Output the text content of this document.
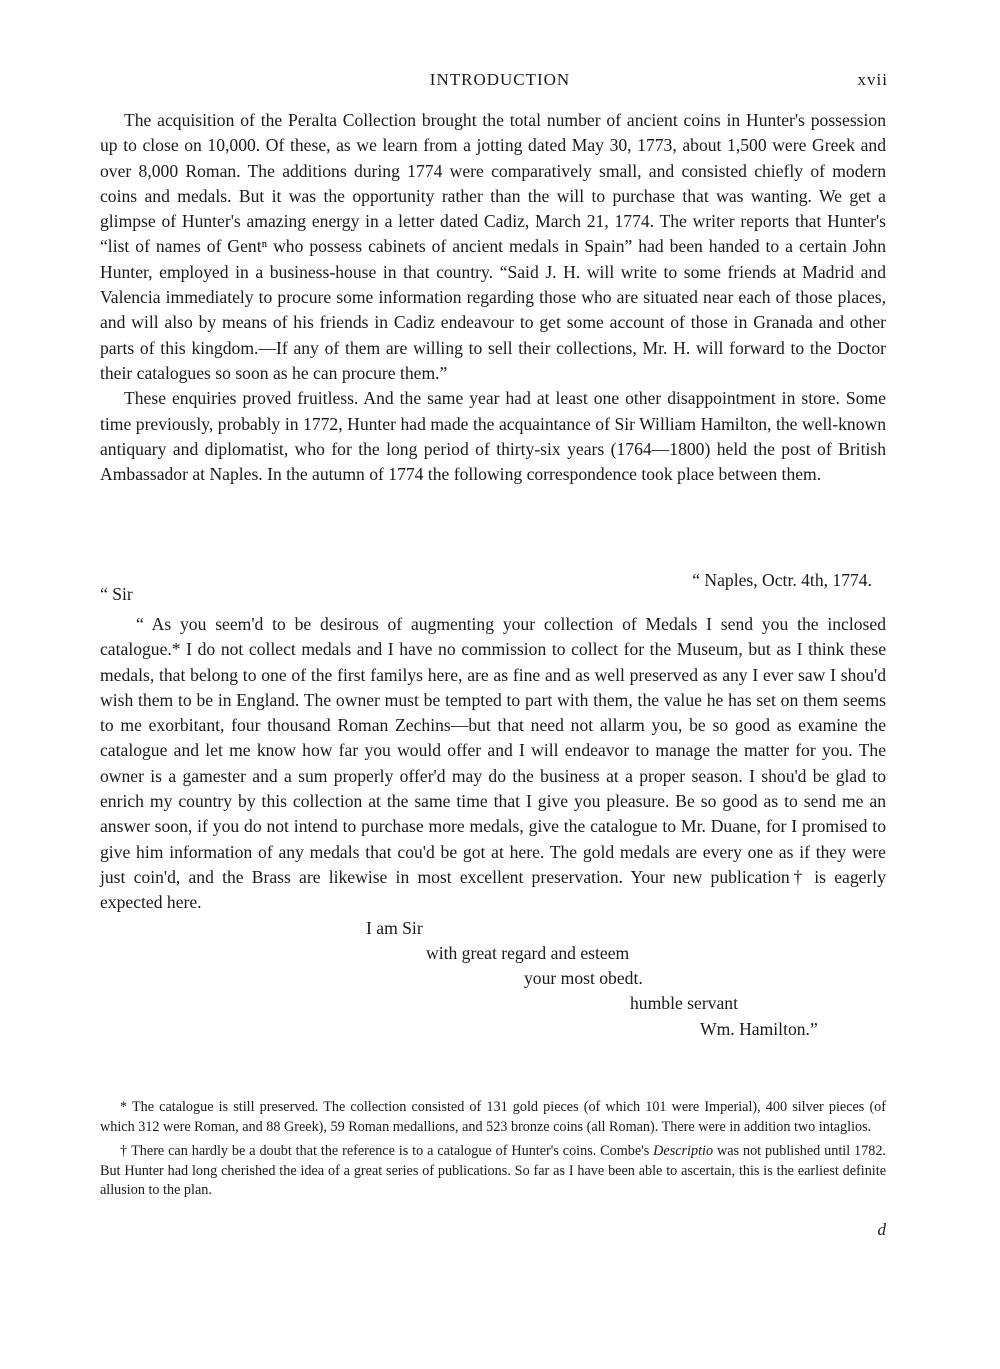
INTRODUCTION	xvii

The acquisition of the Peralta Collection brought the total number of ancient coins in Hunter's possession up to close on 10,000. Of these, as we learn from a jotting dated May 30, 1773, about 1,500 were Greek and over 8,000 Roman. The additions during 1774 were comparatively small, and consisted chiefly of modern coins and medals. But it was the opportunity rather than the will to purchase that was wanting. We get a glimpse of Hunter's amazing energy in a letter dated Cadiz, March 21, 1774. The writer reports that Hunter's “list of names of Gentⁿ who possess cabinets of ancient medals in Spain” had been handed to a certain John Hunter, employed in a business-house in that country. “Said J. H. will write to some friends at Madrid and Valencia immediately to procure some information regarding those who are situated near each of those places, and will also by means of his friends in Cadiz endeavour to get some account of those in Granada and other parts of this kingdom.—If any of them are willing to sell their collections, Mr. H. will forward to the Doctor their catalogues so soon as he can procure them.”

These enquiries proved fruitless. And the same year had at least one other disappointment in store. Some time previously, probably in 1772, Hunter had made the acquaintance of Sir William Hamilton, the well-known antiquary and diplomatist, who for the long period of thirty-six years (1764—1800) held the post of British Ambassador at Naples. In the autumn of 1774 the following correspondence took place between them.

“ Sir
“ Naples, Octr. 4th, 1774.

“ As you seem'd to be desirous of augmenting your collection of Medals I send you the inclosed catalogue.* I do not collect medals and I have no commission to collect for the Museum, but as I think these medals, that belong to one of the first familys here, are as fine and as well preserved as any I ever saw I shou'd wish them to be in England. The owner must be tempted to part with them, the value he has set on them seems to me exorbitant, four thousand Roman Zechins—but that need not allarm you, be so good as examine the catalogue and let me know how far you would offer and I will endeavor to manage the matter for you. The owner is a gamester and a sum properly offer'd may do the business at a proper season. I shou'd be glad to enrich my country by this collection at the same time that I give you pleasure. Be so good as to send me an answer soon, if you do not intend to purchase more medals, give the catalogue to Mr. Duane, for I promised to give him information of any medals that cou'd be got at here. The gold medals are every one as if they were just coin'd, and the Brass are likewise in most excellent preservation. Your new publication† is eagerly expected here.

I am Sir

with great regard and esteem

your most obedt.

humble servant

Wm. Hamilton.”

* The catalogue is still preserved. The collection consisted of 131 gold pieces (of which 101 were Imperial), 400 silver pieces (of which 312 were Roman, and 88 Greek), 59 Roman medallions, and 523 bronze coins (all Roman). There were in addition two intaglios.

† There can hardly be a doubt that the reference is to a catalogue of Hunter's coins. Combe's Descriptio was not published until 1782. But Hunter had long cherished the idea of a great series of publications. So far as I have been able to ascertain, this is the earliest definite allusion to the plan.

d
